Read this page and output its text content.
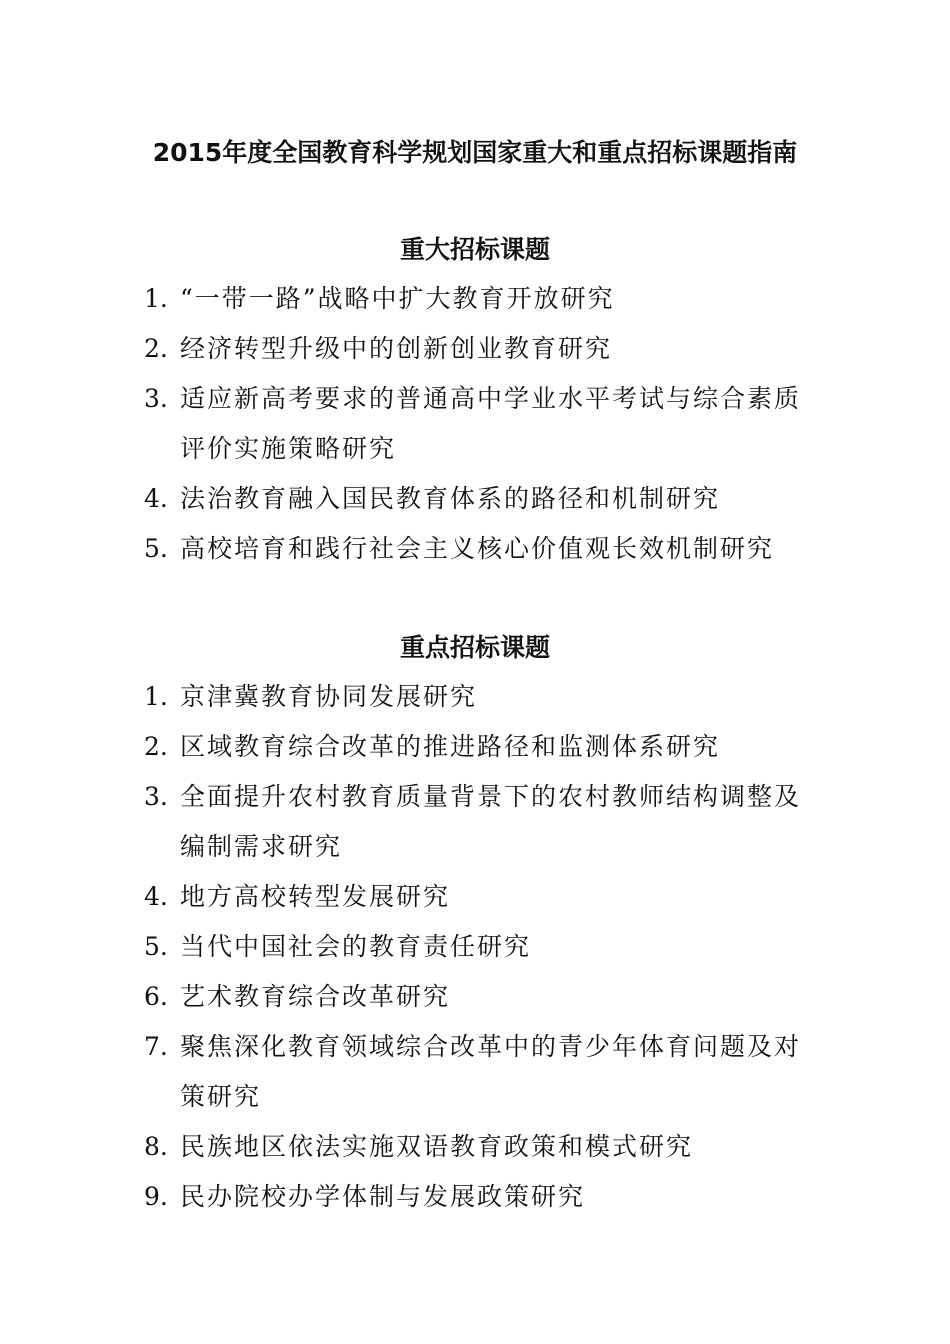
2015年度全国教育科学规划国家重大和重点招标课题指南
重大招标课题
1. “一带一路”战略中扩大教育开放研究
2. 经济转型升级中的创新创业教育研究
3. 适应新高考要求的普通高中学业水平考试与综合素质评价实施策略研究
4. 法治教育融入国民教育体系的路径和机制研究
5. 高校培育和践行社会主义核心价值观长效机制研究
重点招标课题
1. 京津冀教育协同发展研究
2. 区域教育综合改革的推进路径和监测体系研究
3. 全面提升农村教育质量背景下的农村教师结构调整及编制需求研究
4. 地方高校转型发展研究
5. 当代中国社会的教育责任研究
6. 艺术教育综合改革研究
7. 聚焦深化教育领域综合改革中的青少年体育问题及对策研究
8. 民族地区依法实施双语教育政策和模式研究
9. 民办院校办学体制与发展政策研究
